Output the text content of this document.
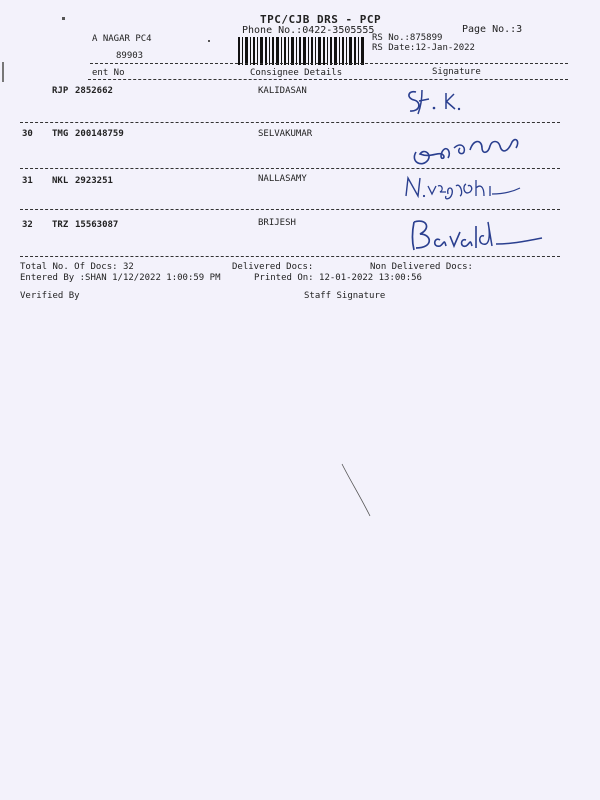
TPC/CJB DRS - PCP
Phone No.:0422-3505555	Page No.:3
A NAGAR PC4
89903
RS No.:875899
RS Date:12-Jan-2022
ent No	Consignee Details	Signature
RJP 2852662	KALIDASAN
30 TMG 200148759	SELVAKUMAR
31 NKL 2923251	NALLASAMY
32 TRZ 15563087	BRIJESH
Total No. Of Docs: 32	Delivered Docs:	Non Delivered Docs:
Entered By :SHAN 1/12/2022 1:00:59 PM	Printed On: 12-01-2022 13:00:56
Verified By	Staff Signature
